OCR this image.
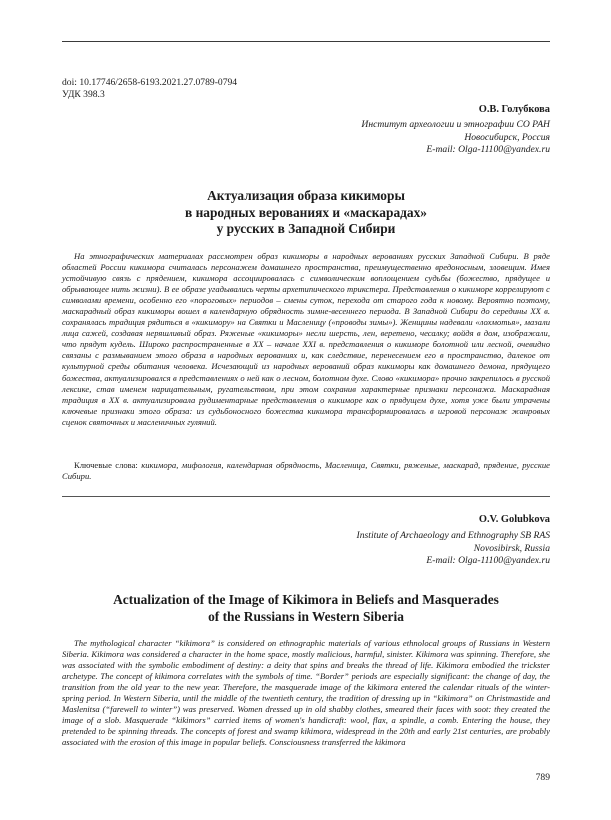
doi: 10.17746/2658-6193.2021.27.0789-0794
УДК 398.3
О.В. Голубкова
Институт археологии и этнографии СО РАН
Новосибирск, Россия
E-mail: Olga-11100@yandex.ru
Актуализация образа кикиморы
в народных верованиях и «маскарадах»
у русских в Западной Сибири

На этнографических материалах рассмотрен образ кикиморы в народных верованиях русских Западной Сибири. В ряде областей России кикимора считалась персонажем домашнего пространства, преимущественно вредоносным, зловещим. Имея устойчивую связь с прядением, кикимора ассоциировалась с символическим воплощением судьбы (божество, прядущее и обрывающее нить жизни). В ее образе угадывались черты архетипического трикстера. Представления о кикиморе коррелируют с символами времени, особенно его «пороговых» периодов – смены суток, перехода от старого года к новому. Вероятно поэтому, маскарадный образ кикиморы вошел в календарную обрядность зимне-весеннего периода. В Западной Сибири до середины XX в. сохранялась традиция рядиться в «кикимору» на Святки и Масленицу («проводы зимы»). Женщины надевали «лохмотья», мазали лица сажей, создавая неряшливый образ. Ряженые «кикиморы» несли шерсть, лен, веретено, чесалку; войдя в дом, изображали, что прядут кудель. Широко распространенные в XX – начале XXI в. представления о кикиморе болотной или лесной, очевидно связаны с размыванием этого образа в народных верованиях и, как следствие, перенесением его в пространство, далекое от культурной среды обитания человека. Исчезающий из народных верований образ кикиморы как домашнего демона, прядущего божества, актуализировался в представлениях о ней как о лесном, болотном духе. Слово «кикимора» прочно закрепилось в русской лексике, став именем нарицательным, ругательством, при этом сохранив характерные признаки персонажа. Маскарадная традиция в XX в. актуализировала рудиментарные представления о кикиморе как о прядущем духе, хотя уже были утрачены ключевые признаки этого образа: из судьбоносного божества кикимора трансформировалась в игровой персонаж жанровых сценок святочных и масленичных гуляний.

Ключевые слова: кикимора, мифология, календарная обрядность, Масленица, Святки, ряженые, маскарад, прядение, русские Сибири.

O.V. Golubkova
Institute of Archaeology and Ethnography SB RAS
Novosibirsk, Russia
E-mail: Olga-11100@yandex.ru
Actualization of the Image of Kikimora in Beliefs and Masquerades
of the Russians in Western Siberia

The mythological character “kikimora” is considered on ethnographic materials of various ethnolocal groups of Russians in Western Siberia. Kikimora was considered a character in the home space, mostly malicious, harmful, sinister. Kikimora was spinning. Therefore, she was associated with the symbolic embodiment of destiny: a deity that spins and breaks the thread of life. Kikimora embodied the trickster archetype. The concept of kikimora correlates with the symbols of time. “Border” periods are especially significant: the change of day, the transition from the old year to the new year. Therefore, the masquerade image of the kikimora entered the calendar rituals of the winter-spring period. In Western Siberia, until the middle of the twentieth century, the tradition of dressing up in “kikimora” on Christmastide and Maslenitsa (“farewell to winter”) was preserved. Women dressed up in old shabby clothes, smeared their faces with soot: they created the image of a slob. Masquerade “kikimors” carried items of women's handicraft: wool, flax, a spindle, a comb. Entering the house, they pretended to be spinning threads. The concepts of forest and swamp kikimora, widespread in the 20th and early 21st centuries, are probably associated with the erosion of this image in popular beliefs. Consciousness transferred the kikimora

789
